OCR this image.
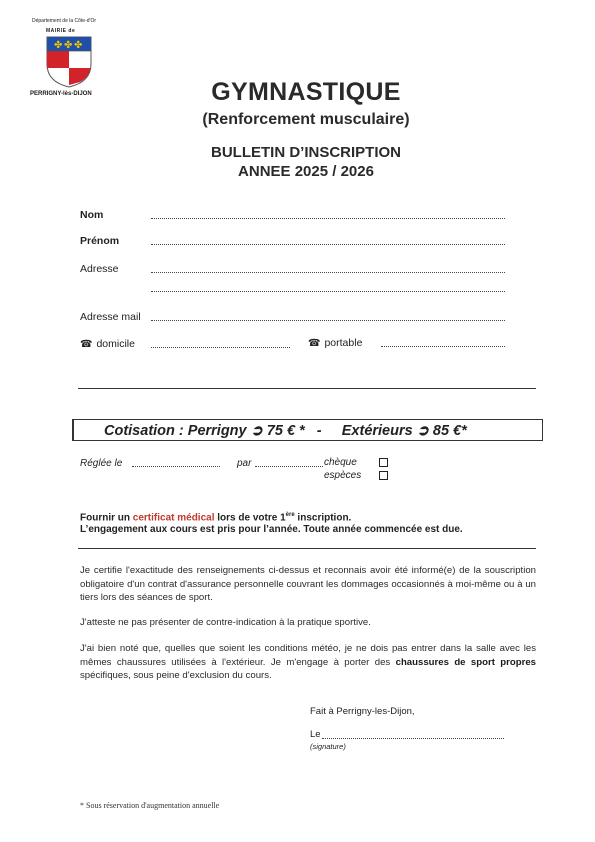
Département de la Côte-d'Or
MAIRIE de
✤ ✤ ✤
PERRIGNY-lès-DIJON	GYMNASTIQUE
(Renforcement musculaire)
BULLETIN D’INSCRIPTION
ANNEE 2025 / 2026
Nom
Prénom
Adresse
Adresse mail
☎ domicile	☎ portable
Cotisation : Perrigny ➲ 75 € *   -     Extérieurs ➲ 85 €*
Réglée le	par	chèque
espèces
Fournir un certificat médical lors de votre 1ère inscription.
L’engagement aux cours est pris pour l’année. Toute année commencée est due.
Je certifie l'exactitude des renseignements ci-dessus et reconnais avoir été informé(e) de la souscription obligatoire d'un contrat d'assurance personnelle couvrant les dommages occasionnés à moi-même ou à un tiers lors des séances de sport.
J'atteste ne pas présenter de contre-indication à la pratique sportive.
J'ai bien noté que, quelles que soient les conditions météo, je ne dois pas entrer dans la salle avec les mêmes chaussures utilisées à l'extérieur. Je m'engage à porter des chaussures de sport propres spécifiques, sous peine d'exclusion du cours.
Fait à Perrigny-les-Dijon,
Le
(signature)
* Sous réservation d'augmentation annuelle
